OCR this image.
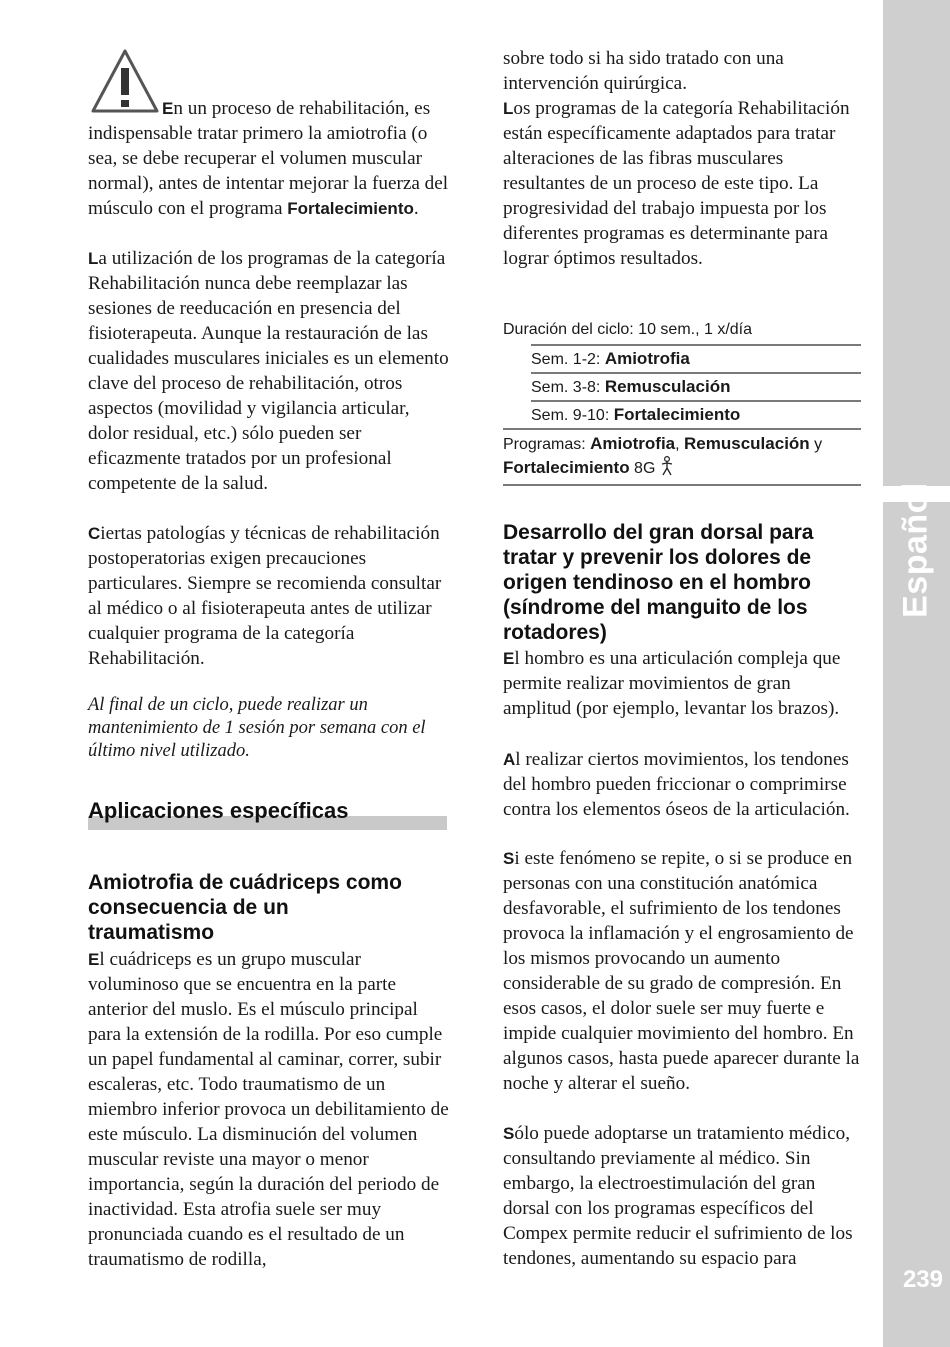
En un proceso de rehabilitación, es indispensable tratar primero la amiotrofia (o sea, se debe recuperar el volumen muscular normal), antes de intentar mejorar la fuerza del músculo con el programa Fortalecimiento.

La utilización de los programas de la categoría Rehabilitación nunca debe reemplazar las sesiones de reeducación en presencia del fisioterapeuta. Aunque la restauración de las cualidades musculares iniciales es un elemento clave del proceso de rehabilitación, otros aspectos (movilidad y vigilancia articular, dolor residual, etc.) sólo pueden ser eficazmente tratados por un profesional competente de la salud.

Ciertas patologías y técnicas de rehabilitación postoperatorias exigen precauciones particulares. Siempre se recomienda consultar al médico o al fisioterapeuta antes de utilizar cualquier programa de la categoría Rehabilitación.

Al final de un ciclo, puede realizar un mantenimiento de 1 sesión por semana con el último nivel utilizado.

Aplicaciones específicas
Amiotrofia de cuádriceps como consecuencia de un traumatismo

El cuádriceps es un grupo muscular voluminoso que se encuentra en la parte anterior del muslo. Es el músculo principal para la extensión de la rodilla. Por eso cumple un papel fundamental al caminar, correr, subir escaleras, etc. Todo traumatismo de un miembro inferior provoca un debilitamiento de este músculo. La disminución del volumen muscular reviste una mayor o menor importancia, según la duración del periodo de inactividad. Esta atrofia suele ser muy pronunciada cuando es el resultado de un traumatismo de rodilla,

sobre todo si ha sido tratado con una intervención quirúrgica.

Los programas de la categoría Rehabilitación están específicamente adaptados para tratar alteraciones de las fibras musculares resultantes de un proceso de este tipo. La progresividad del trabajo impuesta por los diferentes programas es determinante para lograr óptimos resultados.

Duración del ciclo: 10 sem., 1 x/día
Sem. 1-2: Amiotrofia
Sem. 3-8: Remusculación
Sem. 9-10: Fortalecimiento
Programas: Amiotrofia, Remusculación y
Fortalecimiento 8G
Desarrollo del gran dorsal para tratar y prevenir los dolores de origen tendinoso en el hombro (síndrome del manguito de los rotadores)

El hombro es una articulación compleja que permite realizar movimientos de gran amplitud (por ejemplo, levantar los brazos).

Al realizar ciertos movimientos, los tendones del hombro pueden friccionar o comprimirse contra los elementos óseos de la articulación.

Si este fenómeno se repite, o si se produce en personas con una constitución anatómica desfavorable, el sufrimiento de los tendones provoca la inflamación y el engrosamiento de los mismos provocando un aumento considerable de su grado de compresión. En esos casos, el dolor suele ser muy fuerte e impide cualquier movimiento del hombro. En algunos casos, hasta puede aparecer durante la noche y alterar el sueño.

Sólo puede adoptarse un tratamiento médico, consultando previamente al médico. Sin embargo, la electroestimulación del gran dorsal con los programas específicos del Compex permite reducir el sufrimiento de los tendones, aumentando su espacio para

Español
239
